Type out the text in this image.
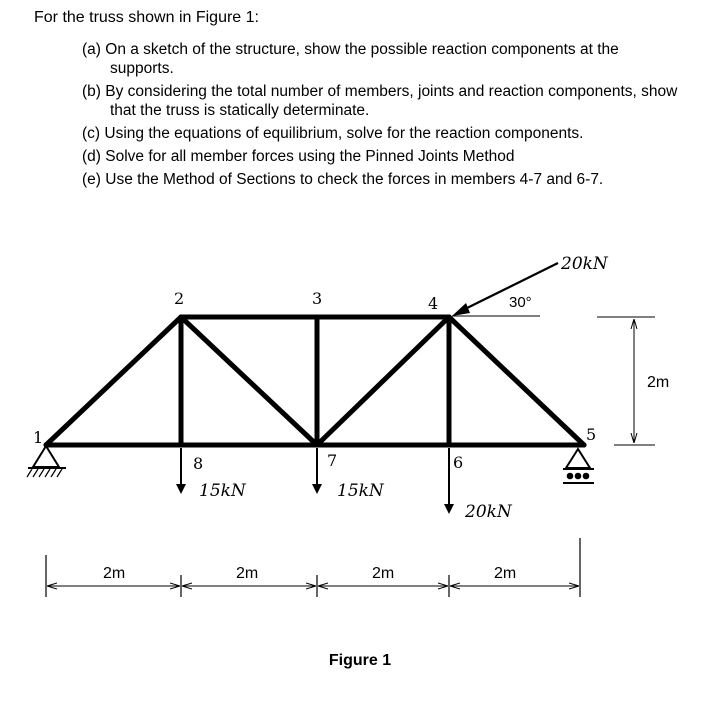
For the truss shown in Figure 1:

(a) On a sketch of the structure, show the possible reaction components at the supports.
(b) By considering the total number of members, joints and reaction components, show that the truss is statically determinate.
(c) Using the equations of equilibrium, solve for the reaction components.
(d) Solve for all member forces using the Pinned Joints Method
(e) Use the Method of Sections to check the forces in members 4-7 and 6-7.
1
2	3	4
5
6
7
8
15kN	15kN
20kN
20kN
30°
2m
2m	2m	2m	2m
Figure 1
